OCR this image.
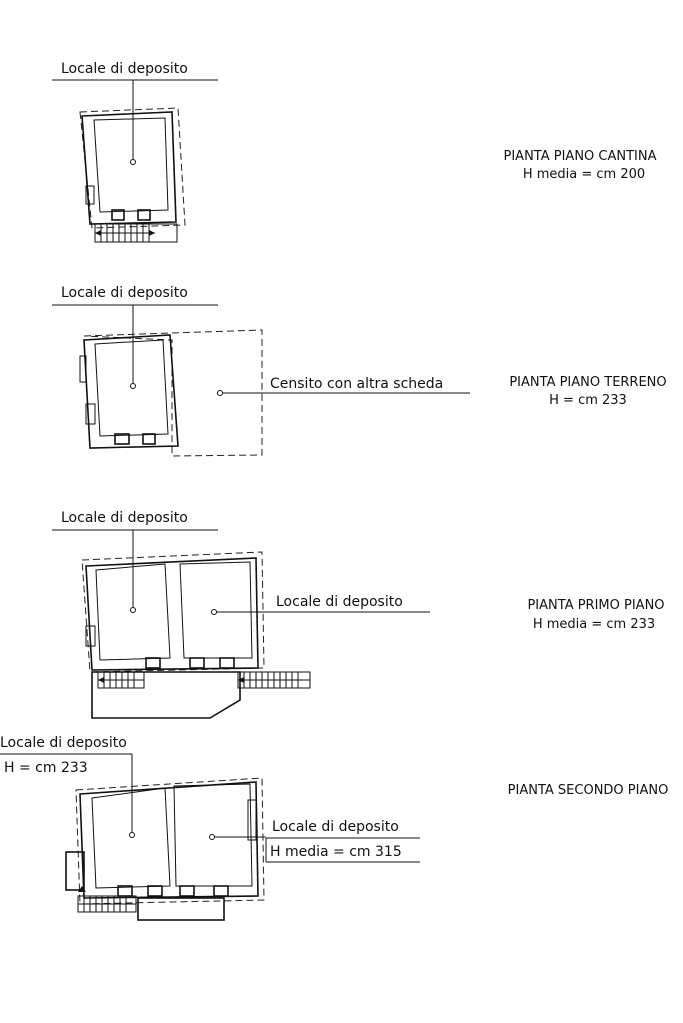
Locale di deposito
PIANTA PIANO CANTINA
H media = cm 200
Locale di deposito
Censito con altra scheda	PIANTA PIANO TERRENO
H = cm 233
Locale di deposito
Locale di deposito	PIANTA PRIMO PIANO
H media = cm 233
Locale di deposito
H = cm 233
Locale di deposito
H media = cm 315
PIANTA SECONDO PIANO
